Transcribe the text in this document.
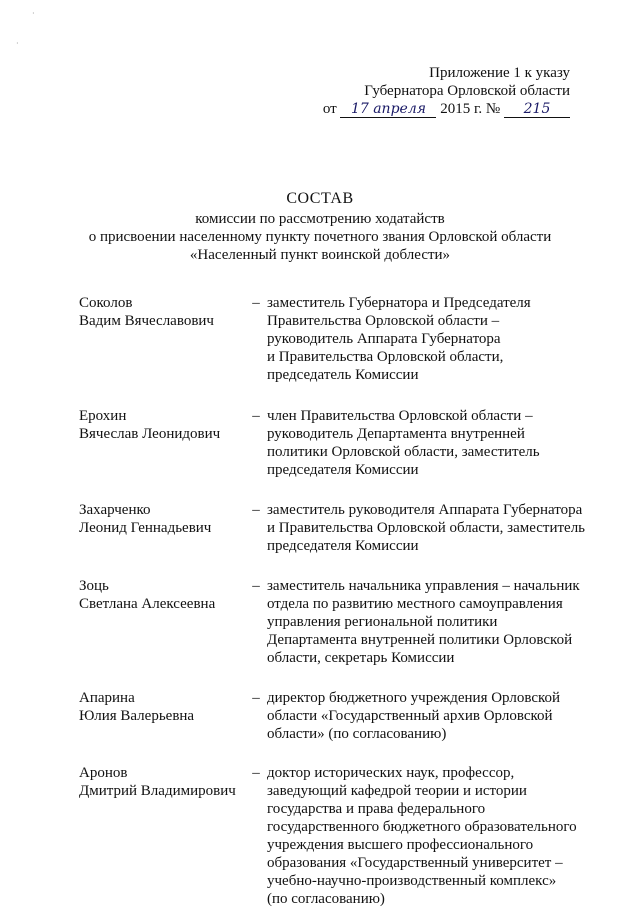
·
·
Приложение 1 к указу
Губернатора Орловской области
от 17 апреля 2015 г. № 215
СОСТАВ
комиссии по рассмотрению ходатайств
о присвоении населенному пункту почетного звания Орловской области
«Населенный пункт воинской доблести»
Соколов
Вадим Вячеславович
– заместитель Губернатора и Председателя
Правительства Орловской области –
руководитель Аппарата Губернатора
и Правительства Орловской области,
председатель Комиссии
Ерохин
Вячеслав Леонидович
– член Правительства Орловской области –
руководитель Департамента внутренней
политики Орловской области, заместитель
председателя Комиссии
Захарченко
Леонид Геннадьевич
– заместитель руководителя Аппарата Губернатора
и Правительства Орловской области, заместитель
председателя Комиссии
Зоць
Светлана Алексеевна
– заместитель начальника управления – начальник
отдела по развитию местного самоуправления
управления региональной политики
Департамента внутренней политики Орловской
области, секретарь Комиссии
Апарина
Юлия Валерьевна
– директор бюджетного учреждения Орловской
области «Государственный архив Орловской
области» (по согласованию)
Аронов
Дмитрий Владимирович
– доктор исторических наук, профессор,
заведующий кафедрой теории и истории
государства и права федерального
государственного бюджетного образовательного
учреждения высшего профессионального
образования «Государственный университет –
учебно-научно-производственный комплекс»
(по согласованию)
